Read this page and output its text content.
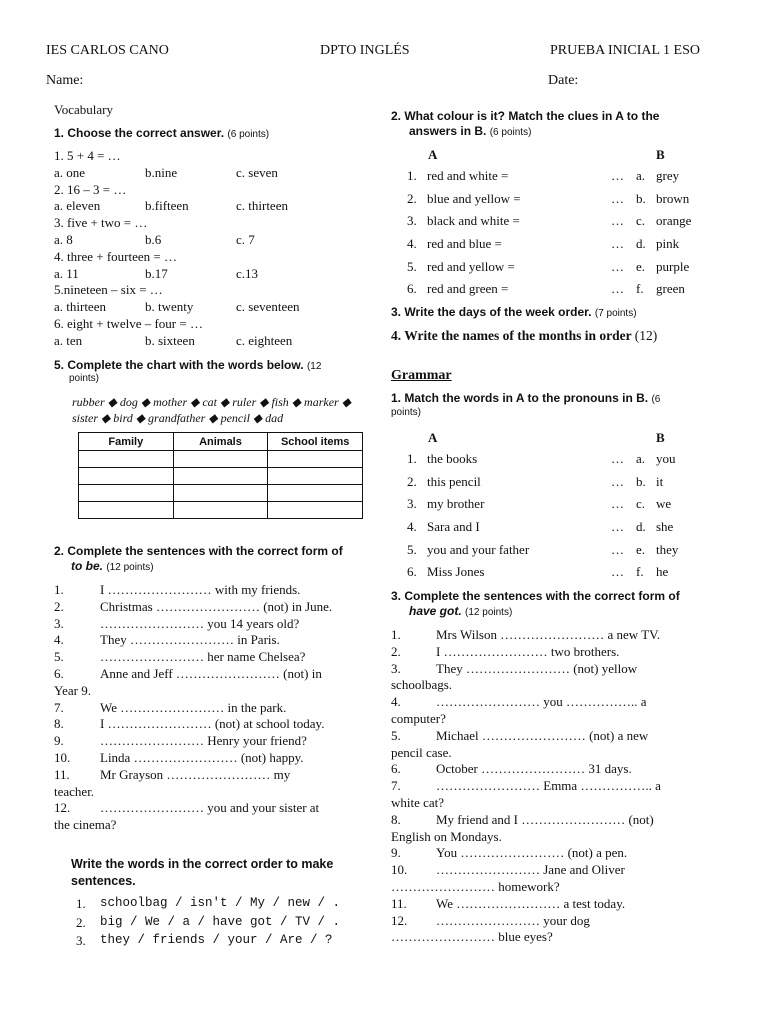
IES CARLOS CANO	DPTO INGLÉS	PRUEBA INICIAL 1 ESO
Name:	Date:
Vocabulary
1. Choose the correct answer. (6 points)
1. 5 + 4 = …
a. one	b.nine	c. seven
2. 16 – 3 = …
a. eleven	b.fifteen	c. thirteen
3. five + two = …
a. 8	b.6	c. 7
4. three + fourteen = …
a. 11	b.17	c.13
5.nineteen – six = …
a. thirteen	b. twenty	c. seventeen
6. eight + twelve – four = …
a. ten	b. sixteen	c. eighteen
5. Complete the chart with the words below. (12
points)
rubber ◆ dog ◆ mother ◆ cat ◆ ruler ◆ fish ◆ marker ◆
sister ◆ bird ◆ grandfather ◆ pencil ◆ dad
Family	Animals	School items

2. Complete the sentences with the correct form of
to be. (12 points)
1.	I …………………… with my friends.
2.	Christmas …………………… (not) in June.
3.	…………………… you 14 years old?
4.	They …………………… in Paris.
5.	…………………… her name Chelsea?
6.	Anne and Jeff …………………… (not) in
Year 9.
7.	We …………………… in the park.
8.	I …………………… (not) at school today.
9.	…………………… Henry your friend?
10. Linda …………………… (not) happy.
11. Mr Grayson …………………… my
teacher.
12. …………………… you and your sister at
the cinema?
Write the words in the correct order to make
sentences.
1. schoolbag / isn't / My / new / .
2. big / We / a / have got / TV / .
3. they / friends / your / Are / ?
2. What colour is it? Match the clues in A to the
answers in B. (6 points)
A	B
1. red and white =	… a. grey
2. blue and yellow =	… b. brown
3. black and white =	… c. orange
4. red and blue =	… d. pink
5. red and yellow =	… e. purple
6. red and green =	… f. green
3. Write the days of the week order. (7 points)
4. Write the names of the months in order (12)
Grammar
1. Match the words in A to the pronouns in B. (6
points)
A	B
1. the books	… a. you
2. this pencil	… b. it
3. my brother	… c. we
4. Sara and I	… d. she
5. you and your father	… e. they
6. Miss Jones	… f. he
3. Complete the sentences with the correct form of
have got. (12 points)
1.	Mrs Wilson …………………… a new TV.
2.	I …………………… two brothers.
3.	They …………………… (not) yellow
schoolbags.
4.	…………………… you …………….. a
computer?
5.	Michael …………………… (not) a new
pencil case.
6.	October …………………… 31 days.
7.	…………………… Emma …………….. a
white cat?
8.	My friend and I …………………… (not)
English on Mondays.
9.	You …………………… (not) a pen.
10. …………………… Jane and Oliver
…………………… homework?
11. We …………………… a test today.
12. …………………… your dog
…………………… blue eyes?
